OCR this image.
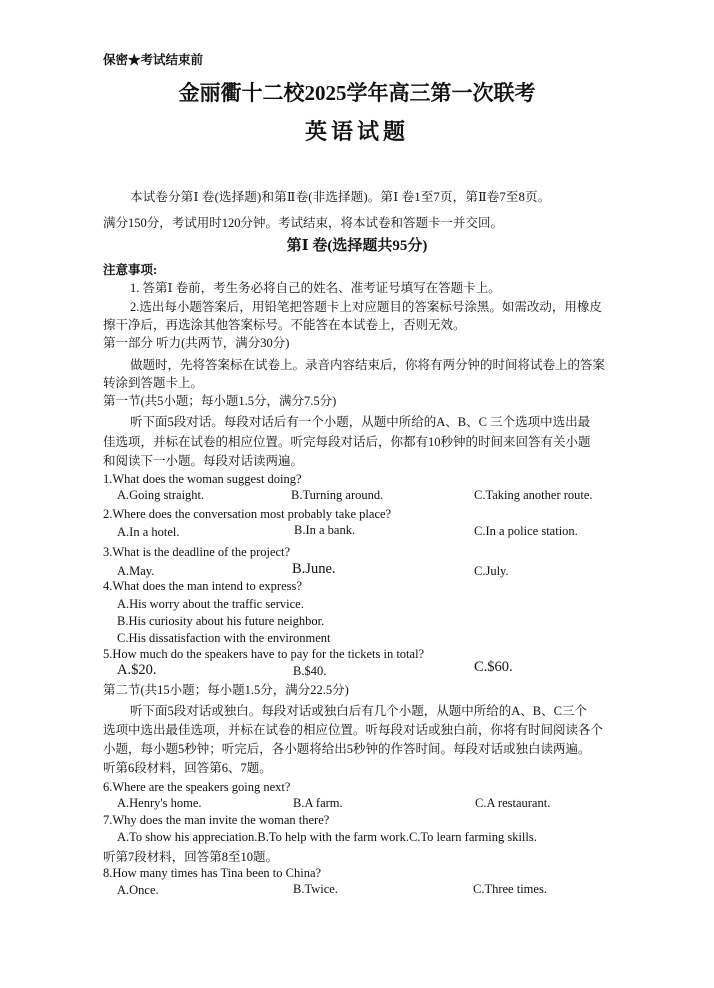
保密★考试结束前
金丽衢十二校2025学年高三第一次联考
英语试题
本试卷分第Ⅰ 卷(选择题)和第Ⅱ卷(非选择题)。第Ⅰ 卷1至7页，第Ⅱ卷7至8页。
满分150分，考试用时120分钟。考试结束，将本试卷和答题卡一并交回。
第Ⅰ 卷(选择题共95分)
注意事项:
1. 答第Ⅰ 卷前，考生务必将自己的姓名、准考证号填写在答题卡上。
2.选出每小题答案后，用铅笔把答题卡上对应题目的答案标号涂黑。如需改动，用橡皮
擦干净后，再选涂其他答案标号。不能答在本试卷上，否则无效。
第一部分 听力(共两节，满分30分)
做题时，先将答案标在试卷上。录音内容结束后，你将有两分钟的时间将试卷上的答案
转涂到答题卡上。
第一节(共5小题；每小题1.5分，满分7.5分)
听下面5段对话。每段对话后有一个小题，从题中所给的A、B、C 三个选项中选出最
佳选项，并标在试卷的相应位置。听完每段对话后，你都有10秒钟的时间来回答有关小题
和阅读下一小题。每段对话读两遍。
1.What does the woman suggest doing?
A.Going straight.	B.Turning around.	C.Taking another route.
2.Where does the conversation most probably take place?
A.In a hotel.	B.In a bank.	C.In a police station.
3.What is the deadline of the project?
A.May.	B.June.	C.July.
4.What does the man intend to express?
A.His worry about the traffic service.
B.His curiosity about his future neighbor.
C.His dissatisfaction with the environment
5.How much do the speakers have to pay for the tickets in total?
A.$20.	B.$40.	C.$60.
第二节(共15小题；每小题1.5分，满分22.5分)
听下面5段对话或独白。每段对话或独白后有几个小题，从题中所给的A、B、C三个
选项中选出最佳选项，并标在试卷的相应位置。听每段对话或独白前，你将有时间阅读各个
小题，每小题5秒钟；听完后，各小题将给出5秒钟的作答时间。每段对话或独白读两遍。
听第6段材料，回答第6、7题。
6.Where are the speakers going next?
A.Henry's home.	B.A farm.	C.A restaurant.
7.Why does the man invite the woman there?
A.To show his appreciation.B.To help with the farm work.C.To learn farming skills.
听第7段材料，回答第8至10题。
8.How many times has Tina been to China?
A.Once.	B.Twice.	C.Three times.
